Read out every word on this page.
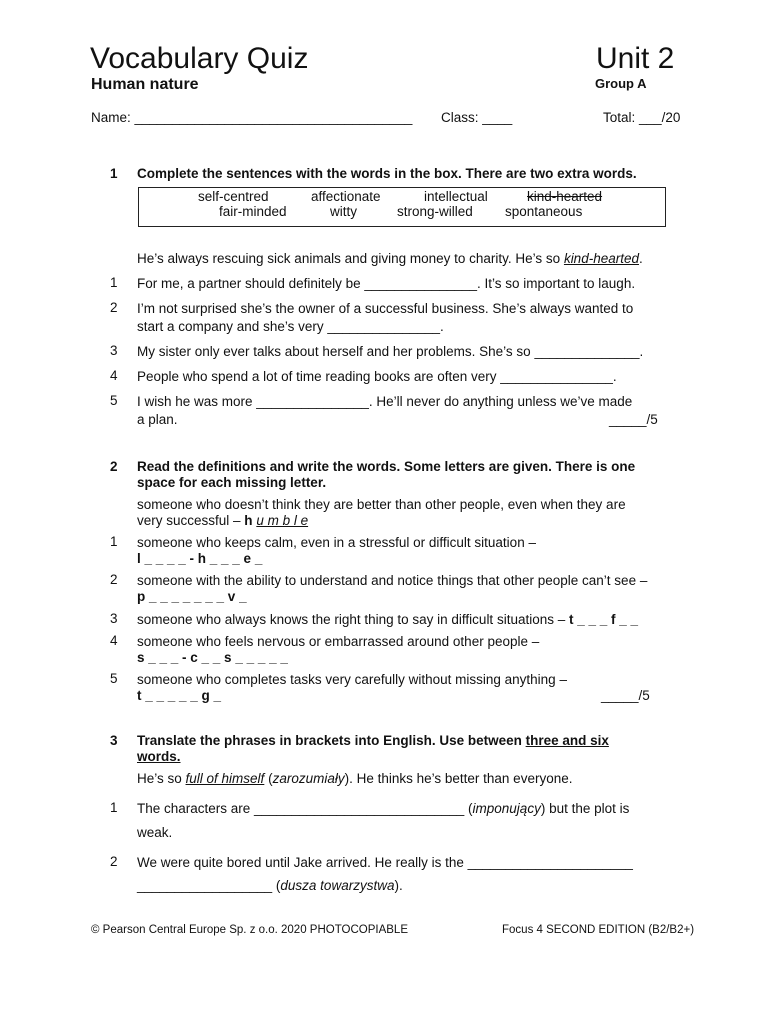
Vocabulary Quiz	Unit 2
Human nature	Group A
Name: _____________________________________ Class: ____	Total: ___/20
1 Complete the sentences with the words in the box. There are two extra words.
self-centred	affectionate	intellectual	kind-hearted
fair-minded	witty	strong-willed spontaneous
He’s always rescuing sick animals and giving money to charity. He’s so kind-hearted.
1 For me, a partner should definitely be _______________. It’s so important to laugh.
2 I’m not surprised she’s the owner of a successful business. She’s always wanted to
start a company and she’s very _______________.
3 My sister only ever talks about herself and her problems. She’s so ______________.
4 People who spend a lot of time reading books are often very _______________.
5 I wish he was more _______________. He’ll never do anything unless we’ve made
a plan.	_____/5
2 Read the definitions and write the words. Some letters are given. There is one
space for each missing letter.
someone who doesn’t think they are better than other people, even when they are
very successful – h u m b l e
1 someone who keeps calm, even in a stressful or difficult situation –
l _ _ _ _ - h _ _ _ e _
2 someone with the ability to understand and notice things that other people can’t see –
p _ _ _ _ _ _ _ v _
3 someone who always knows the right thing to say in difficult situations – t _ _ _ f _ _
4 someone who feels nervous or embarrassed around other people –
s _ _ _ - c _ _ s _ _ _ _ _
5 someone who completes tasks very carefully without missing anything –
t _ _ _ _ _ g _	_____/5
3 Translate the phrases in brackets into English. Use between three and six
words.
He’s so full of himself (zarozumiały). He thinks he’s better than everyone.
1 The characters are ____________________________ (imponujący) but the plot is
weak.
2 We were quite bored until Jake arrived. He really is the ______________________
__________________ (dusza towarzystwa).
© Pearson Central Europe Sp. z o.o. 2020 PHOTOCOPIABLE	Focus 4 SECOND EDITION (B2/B2+)
